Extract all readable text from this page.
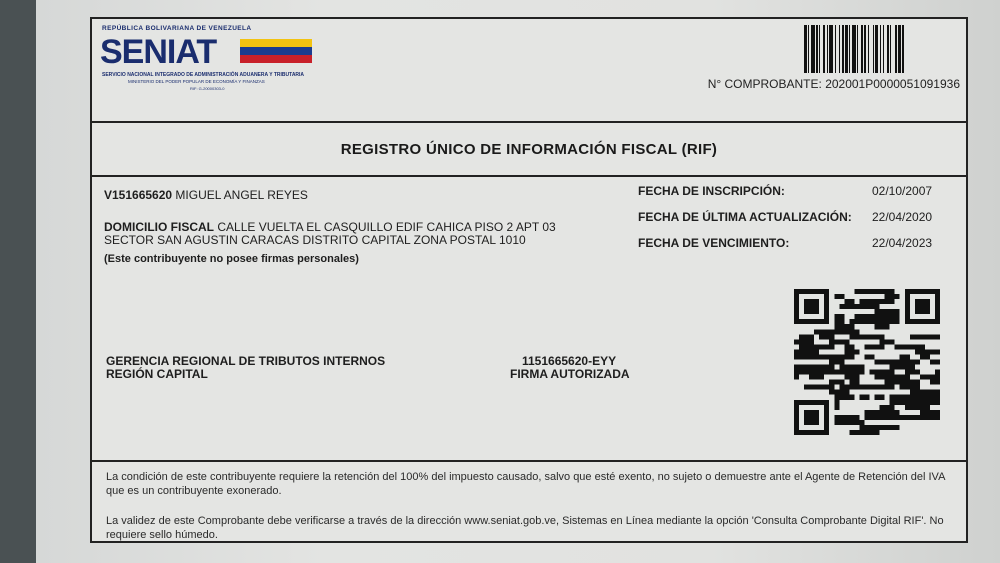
REPÚBLICA BOLIVARIANA DE VENEZUELA
SENIAT
SERVICIO NACIONAL INTEGRADO DE ADMINISTRACIÓN ADUANERA Y TRIBUTARIA
MINISTERIO DEL PODER POPULAR DE ECONOMÍA Y FINANZAS
RIF: G-20000303-0	N° COMPROBANTE: 202001P0000051091936
REGISTRO ÚNICO DE INFORMACIÓN FISCAL (RIF)
V151665620 MIGUEL ANGEL REYES
DOMICILIO FISCAL CALLE VUELTA EL CASQUILLO EDIF CAHICA PISO 2 APT 03
SECTOR SAN AGUSTIN CARACAS DISTRITO CAPITAL ZONA POSTAL 1010
(Este contribuyente no posee firmas personales)
FECHA DE INSCRIPCIÓN:	02/10/2007
FECHA DE ÚLTIMA ACTUALIZACIÓN: 22/04/2020
FECHA DE VENCIMIENTO:	22/04/2023
GERENCIA REGIONAL DE TRIBUTOS INTERNOS
REGIÓN CAPITAL
1151665620-EYY
FIRMA AUTORIZADA

La condición de este contribuyente requiere la retención del 100% del impuesto causado, salvo que esté exento, no sujeto o demuestre ante el Agente de Retención del IVA que es un contribuyente exonerado.

La validez de este Comprobante debe verificarse a través de la dirección www.seniat.gob.ve, Sistemas en Línea mediante la opción 'Consulta Comprobante Digital RIF'. No requiere sello húmedo.
